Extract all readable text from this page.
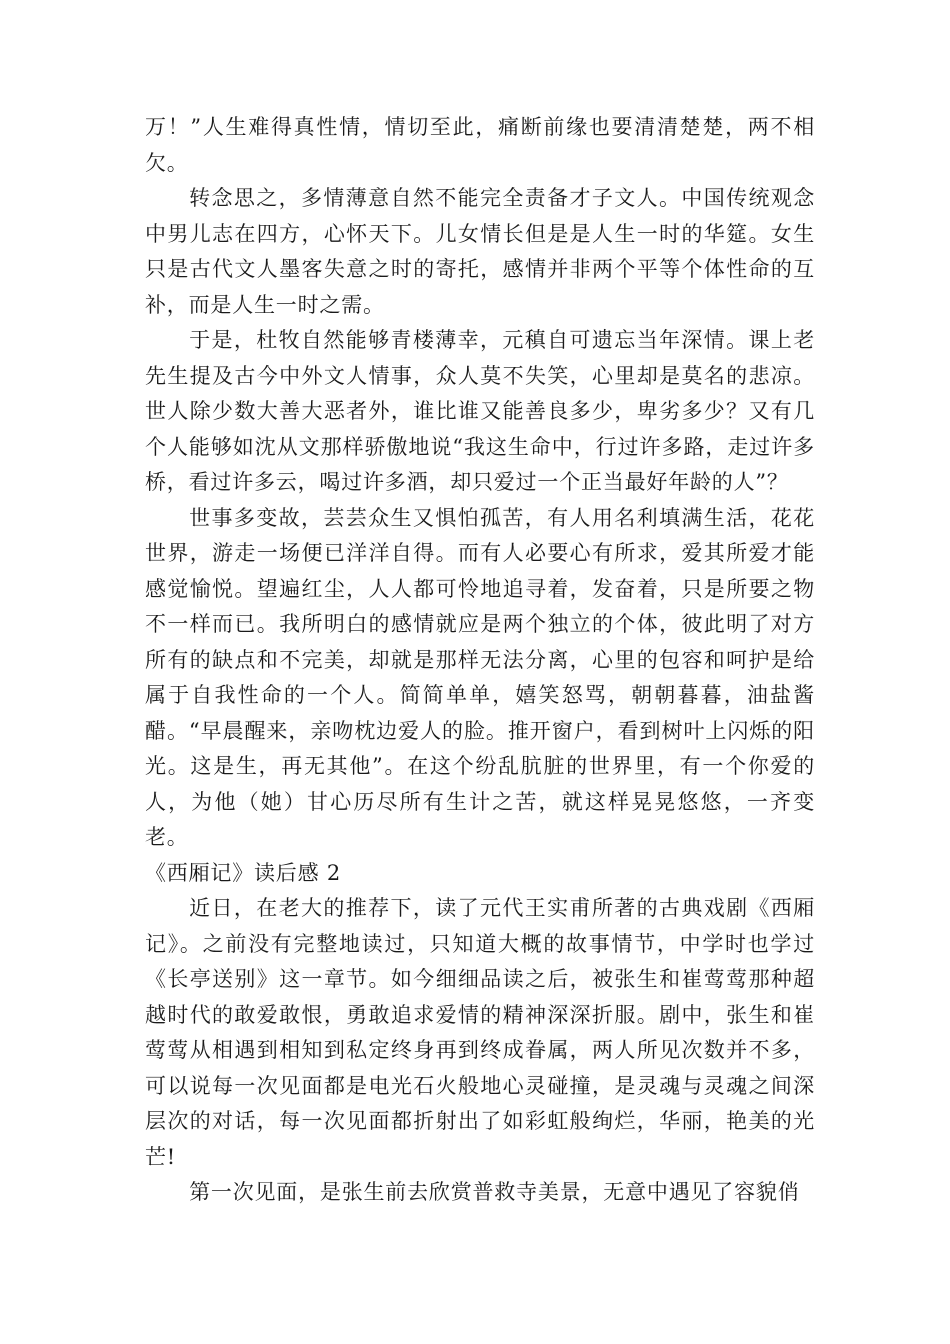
万！”人生难得真性情，情切至此，痛断前缘也要清清楚楚，两不相欠。

转念思之，多情薄意自然不能完全责备才子文人。中国传统观念中男儿志在四方，心怀天下。儿女情长但是是人生一时的华筵。女生只是古代文人墨客失意之时的寄托，感情并非两个平等个体性命的互补，而是人生一时之需。

于是，杜牧自然能够青楼薄幸，元稹自可遗忘当年深情。课上老先生提及古今中外文人情事，众人莫不失笑，心里却是莫名的悲凉。世人除少数大善大恶者外，谁比谁又能善良多少，卑劣多少？又有几个人能够如沈从文那样骄傲地说“我这生命中，行过许多路，走过许多桥，看过许多云，喝过许多酒，却只爱过一个正当最好年龄的人”？

世事多变故，芸芸众生又惧怕孤苦，有人用名利填满生活，花花世界，游走一场便已洋洋自得。而有人必要心有所求，爱其所爱才能感觉愉悦。望遍红尘，人人都可怜地追寻着，发奋着，只是所要之物不一样而已。我所明白的感情就应是两个独立的个体，彼此明了对方所有的缺点和不完美，却就是那样无法分离，心里的包容和呵护是给属于自我性命的一个人。简简单单，嬉笑怒骂，朝朝暮暮，油盐酱醋。“早晨醒来，亲吻枕边爱人的脸。推开窗户，看到树叶上闪烁的阳光。这是生，再无其他”。在这个纷乱肮脏的世界里，有一个你爱的人，为他（她）甘心历尽所有生计之苦，就这样晃晃悠悠，一齐变老。

《西厢记》读后感 2

近日，在老大的推荐下，读了元代王实甫所著的古典戏剧《西厢记》。之前没有完整地读过，只知道大概的故事情节，中学时也学过《长亭送别》这一章节。如今细细品读之后，被张生和崔莺莺那种超越时代的敢爱敢恨，勇敢追求爱情的精神深深折服。剧中，张生和崔莺莺从相遇到相知到私定终身再到终成眷属，两人所见次数并不多，可以说每一次见面都是电光石火般地心灵碰撞，是灵魂与灵魂之间深层次的对话，每一次见面都折射出了如彩虹般绚烂，华丽，艳美的光芒!

第一次见面，是张生前去欣赏普救寺美景，无意中遇见了容貌俏
